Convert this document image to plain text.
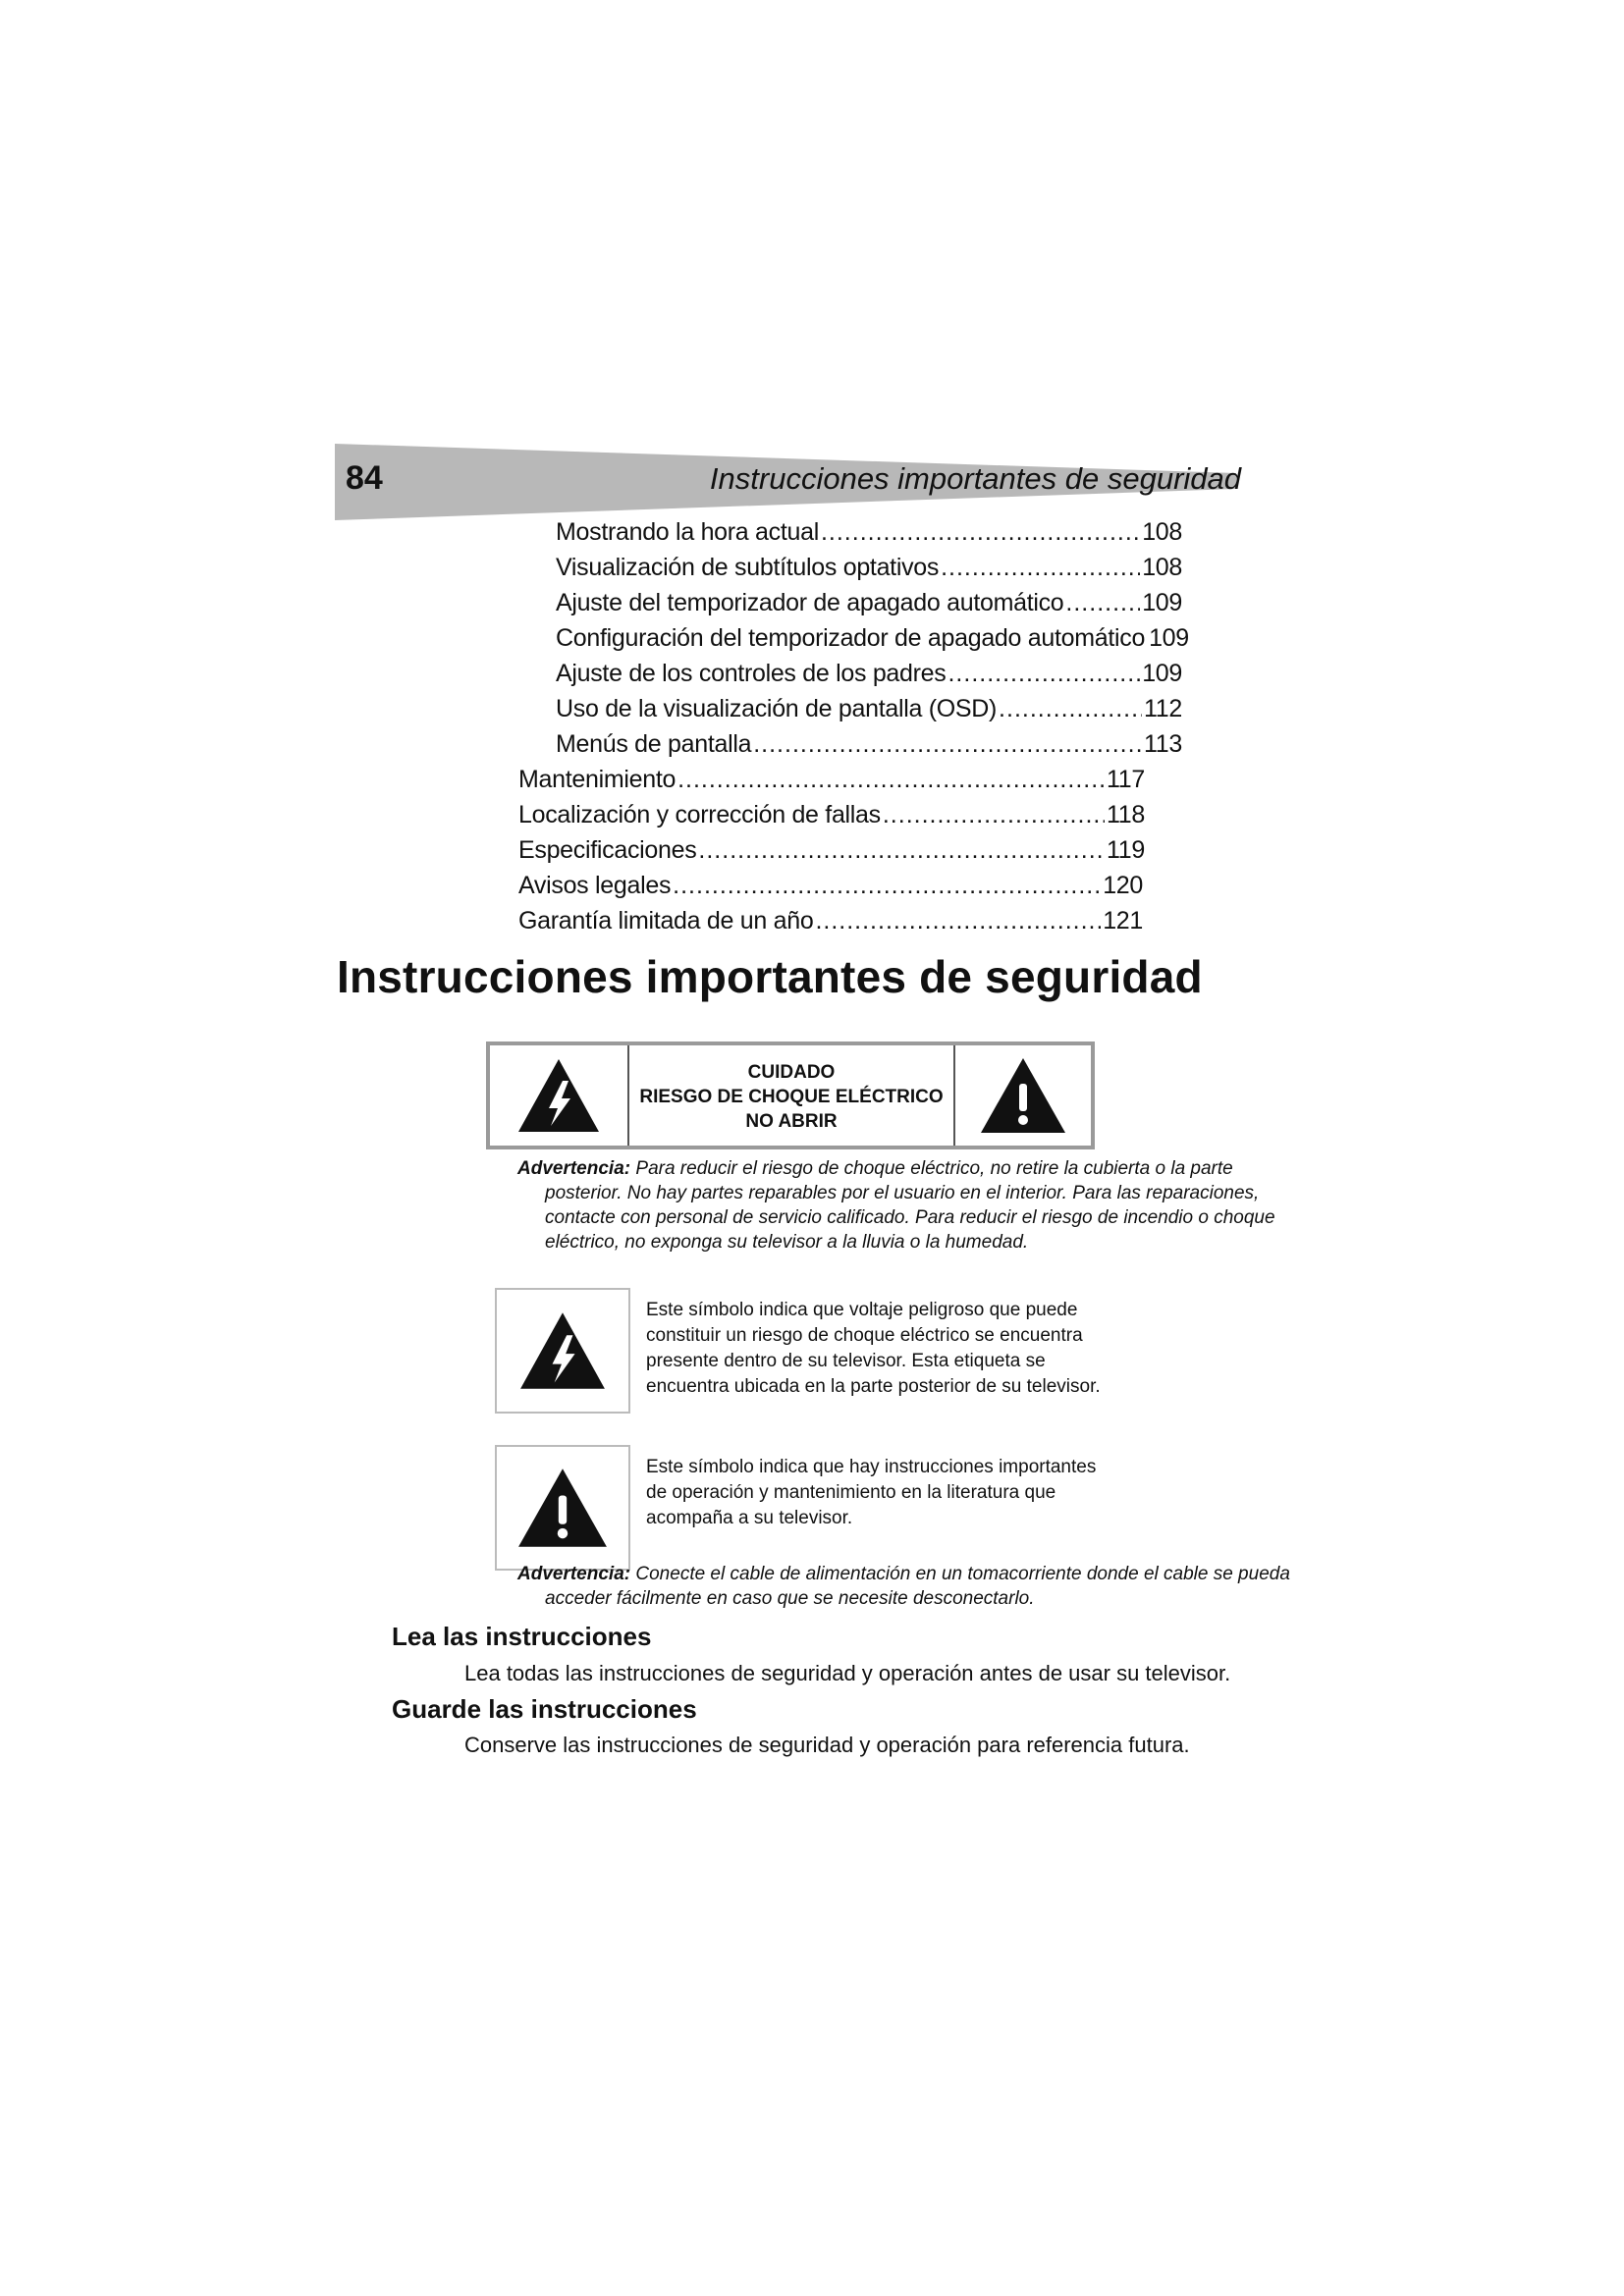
84	Instrucciones importantes de seguridad
Mostrando la hora actual .....	108
Visualización de subtítulos optativos .....	108
Ajuste del temporizador de apagado automático .....	109
Configuración del temporizador de apagado automático 109
Ajuste de los controles de los padres .....	109
Uso de la visualización de pantalla (OSD) .....	112
Menús de pantalla .....	113
Mantenimiento .....	117
Localización y corrección de fallas .....	118
Especificaciones .....	119
Avisos legales .....	120
Garantía limitada de un año .....	121
Instrucciones importantes de seguridad
CUIDADO
RIESGO DE CHOQUE ELÉCTRICO
NO ABRIR
Advertencia: Para reducir el riesgo de choque eléctrico, no retire la cubierta o la parte
posterior. No hay partes reparables por el usuario en el interior. Para las reparaciones,
contacte con personal de servicio calificado. Para reducir el riesgo de incendio o choque
eléctrico, no exponga su televisor a la lluvia o la humedad.
Este símbolo indica que voltaje peligroso que puede
constituir un riesgo de choque eléctrico se encuentra
presente dentro de su televisor. Esta etiqueta se
encuentra ubicada en la parte posterior de su televisor.
Este símbolo indica que hay instrucciones importantes
de operación y mantenimiento en la literatura que
acompaña a su televisor.
Advertencia: Conecte el cable de alimentación en un tomacorriente donde el cable se pueda
acceder fácilmente en caso que se necesite desconectarlo.
Lea las instrucciones
Lea todas las instrucciones de seguridad y operación antes de usar su televisor.
Guarde las instrucciones
Conserve las instrucciones de seguridad y operación para referencia futura.
